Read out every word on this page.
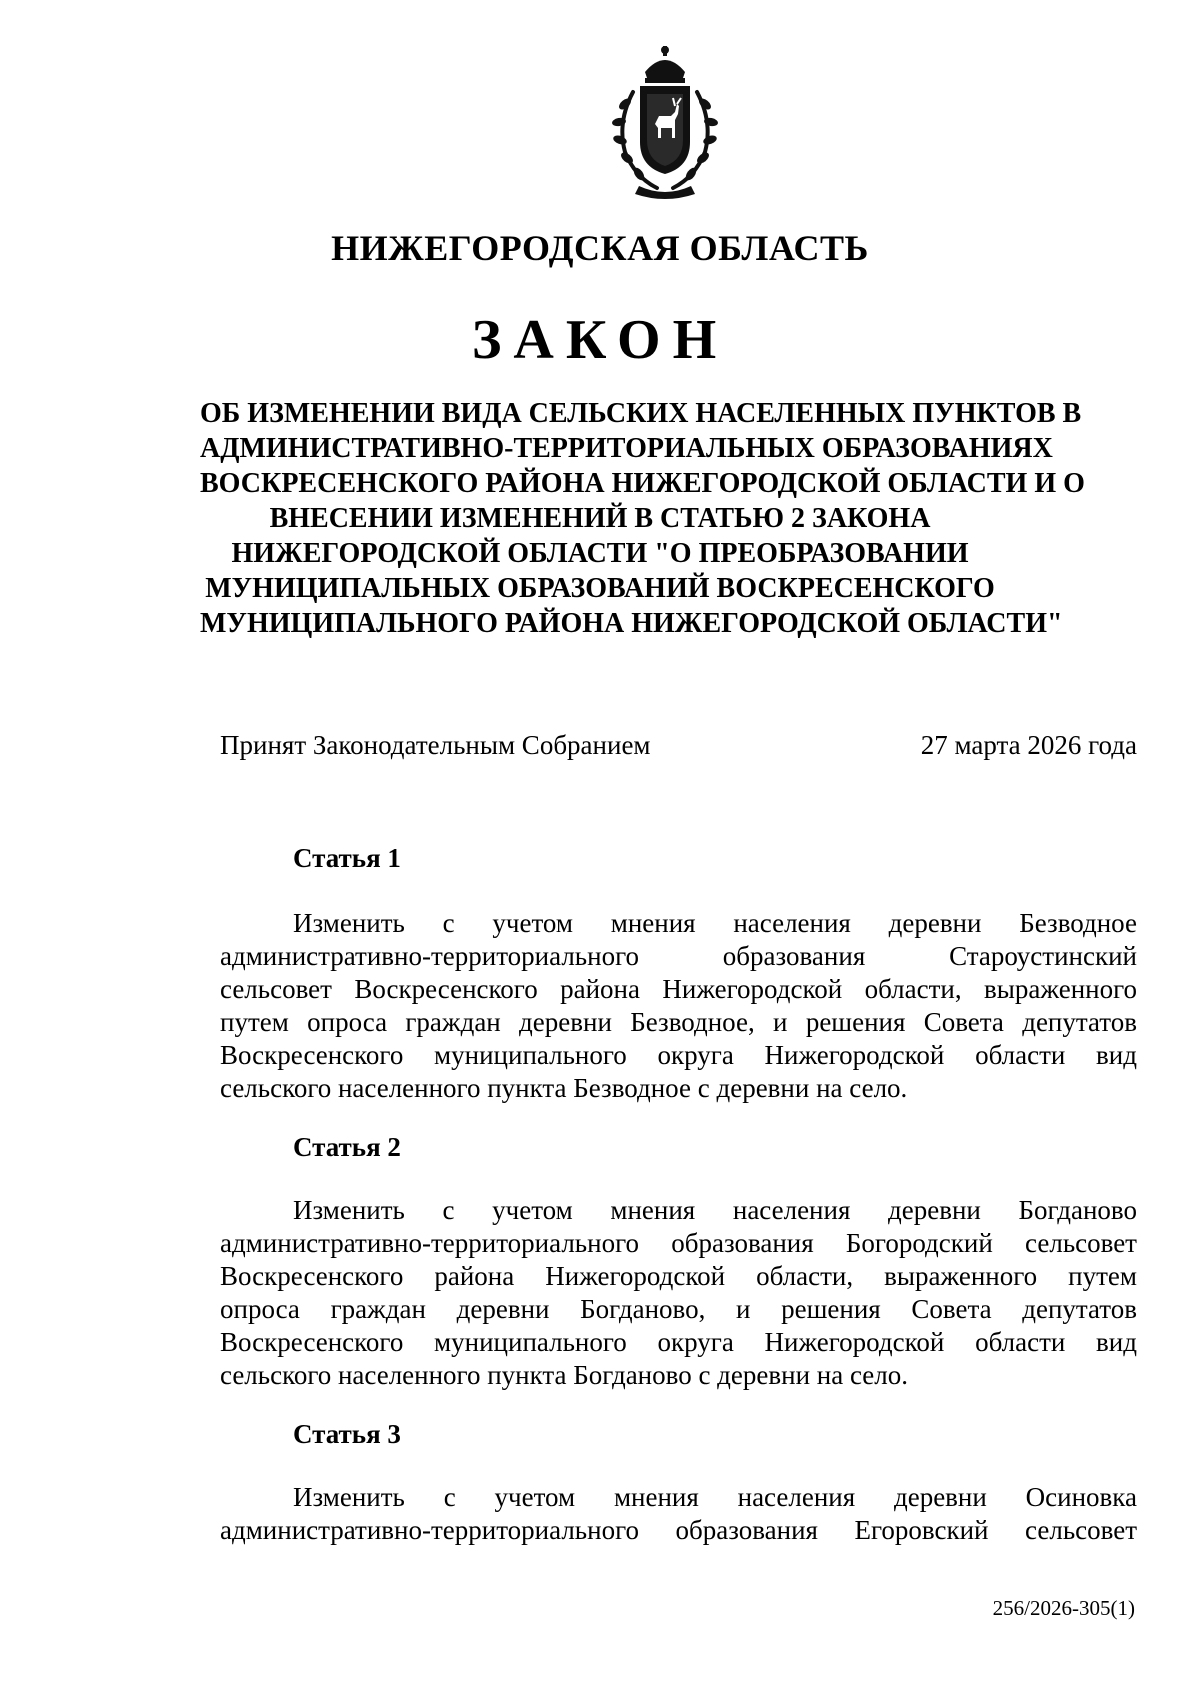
НИЖЕГОРОДСКАЯ ОБЛАСТЬ
ЗАКОН
ОБ ИЗМЕНЕНИИ ВИДА СЕЛЬСКИХ НАСЕЛЕННЫХ ПУНКТОВ В
АДМИНИСТРАТИВНО-ТЕРРИТОРИАЛЬНЫХ ОБРАЗОВАНИЯХ
ВОСКРЕСЕНСКОГО РАЙОНА НИЖЕГОРОДСКОЙ ОБЛАСТИ И О
ВНЕСЕНИИ ИЗМЕНЕНИЙ В СТАТЬЮ 2 ЗАКОНА
НИЖЕГОРОДСКОЙ ОБЛАСТИ "О ПРЕОБРАЗОВАНИИ
МУНИЦИПАЛЬНЫХ ОБРАЗОВАНИЙ ВОСКРЕСЕНСКОГО
МУНИЦИПАЛЬНОГО РАЙОНА НИЖЕГОРОДСКОЙ ОБЛАСТИ"
Принят Законодательным Собранием	27 марта 2026 года
Статья 1
Изменить с учетом мнения населения деревни Безводное
административно-территориального образования Староустинский
сельсовет Воскресенского района Нижегородской области, выраженного
путем опроса граждан деревни Безводное, и решения Совета депутатов
Воскресенского муниципального округа Нижегородской области вид
сельского населенного пункта Безводное с деревни на село.
Статья 2
Изменить с учетом мнения населения деревни Богданово
административно-территориального образования Богородский сельсовет
Воскресенского района Нижегородской области, выраженного путем
опроса граждан деревни Богданово, и решения Совета депутатов
Воскресенского муниципального округа Нижегородской области вид
сельского населенного пункта Богданово с деревни на село.
Статья 3
Изменить с учетом мнения населения деревни Осиновка
административно-территориального образования Егоровский сельсовет
256/2026-305(1)
